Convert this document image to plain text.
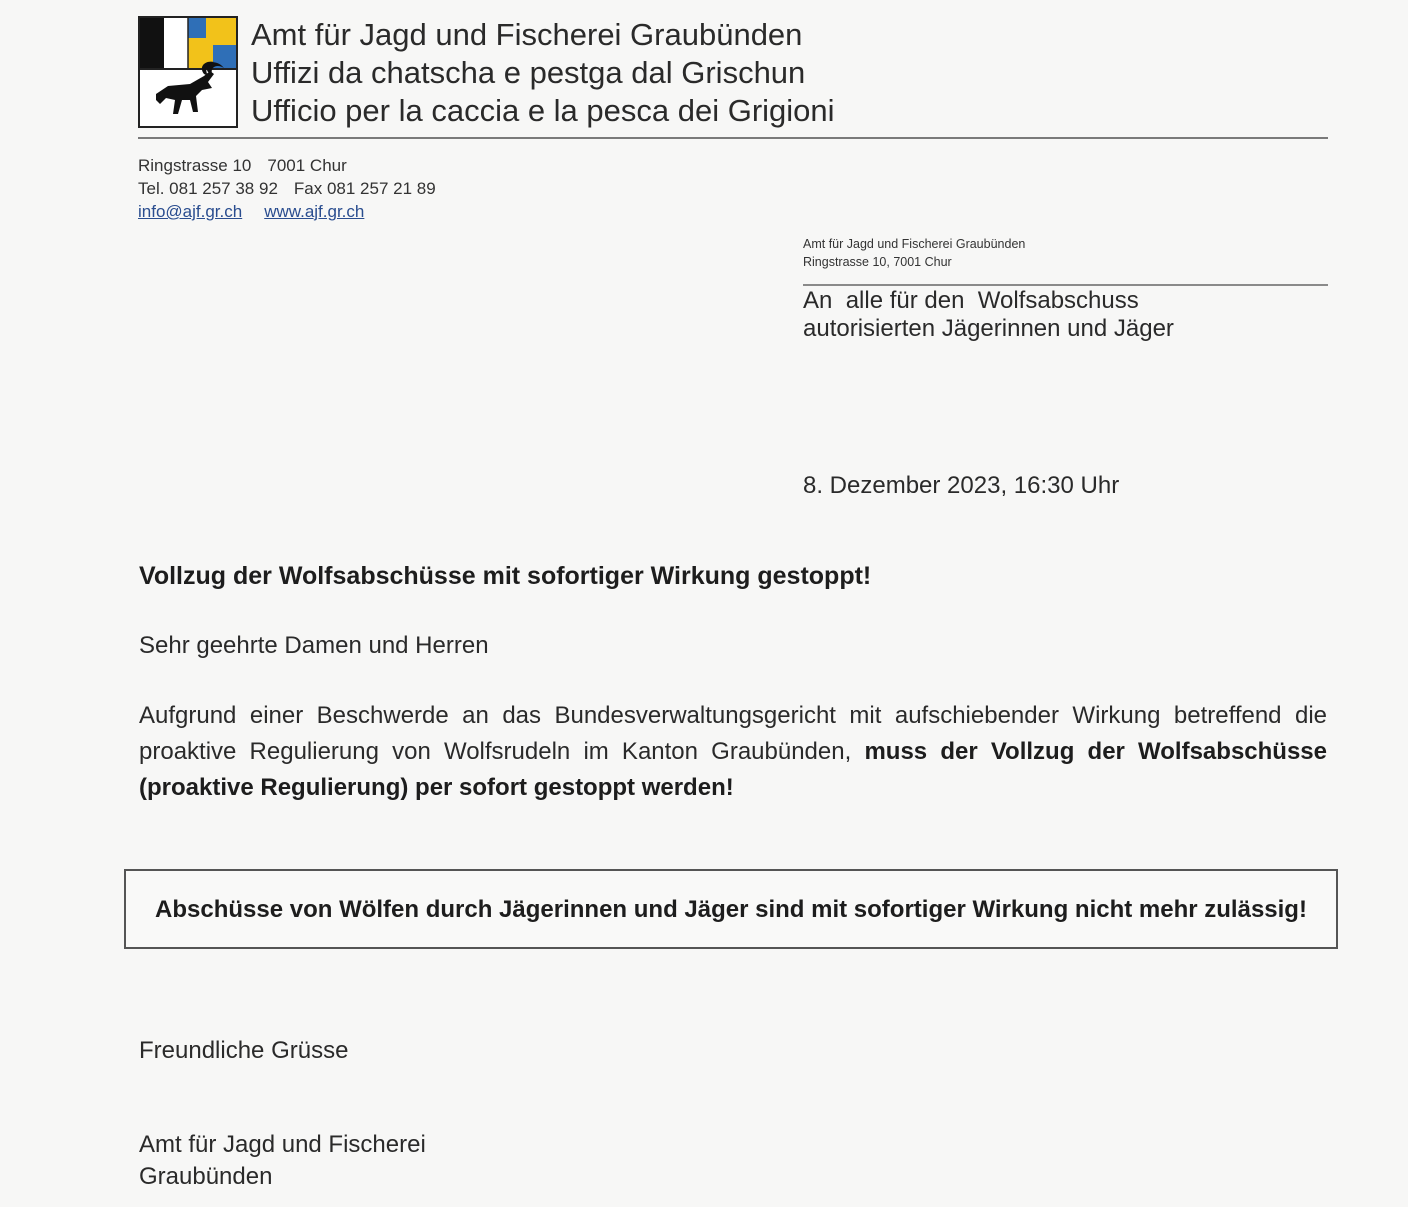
Amt für Jagd und Fischerei Graubünden
Uffizi da chatscha e pestga dal Grischun
Ufficio per la caccia e la pesca dei Grigioni
Ringstrasse 10 7001 Chur
Tel. 081 257 38 92 Fax 081 257 21 89
info@ajf.gr.ch www.ajf.gr.ch
Amt für Jagd und Fischerei Graubünden
Ringstrasse 10, 7001 Chur
An  alle für den  Wolfsabschuss
autorisierten Jägerinnen und Jäger
8. Dezember 2023, 16:30 Uhr
Vollzug der Wolfsabschüsse mit sofortiger Wirkung gestoppt!
Sehr geehrte Damen und Herren
Aufgrund einer Beschwerde an das Bundesverwaltungsgericht mit aufschiebender Wirkung betreffend die proaktive Regulierung von Wolfsrudeln im Kanton Graubünden, muss der Vollzug der Wolfsabschüsse (proaktive Regulierung) per sofort gestoppt werden!
Abschüsse von Wölfen durch Jägerinnen und Jäger sind mit sofortiger Wirkung nicht mehr zulässig!
Freundliche Grüsse
Amt für Jagd und Fischerei
Graubünden
